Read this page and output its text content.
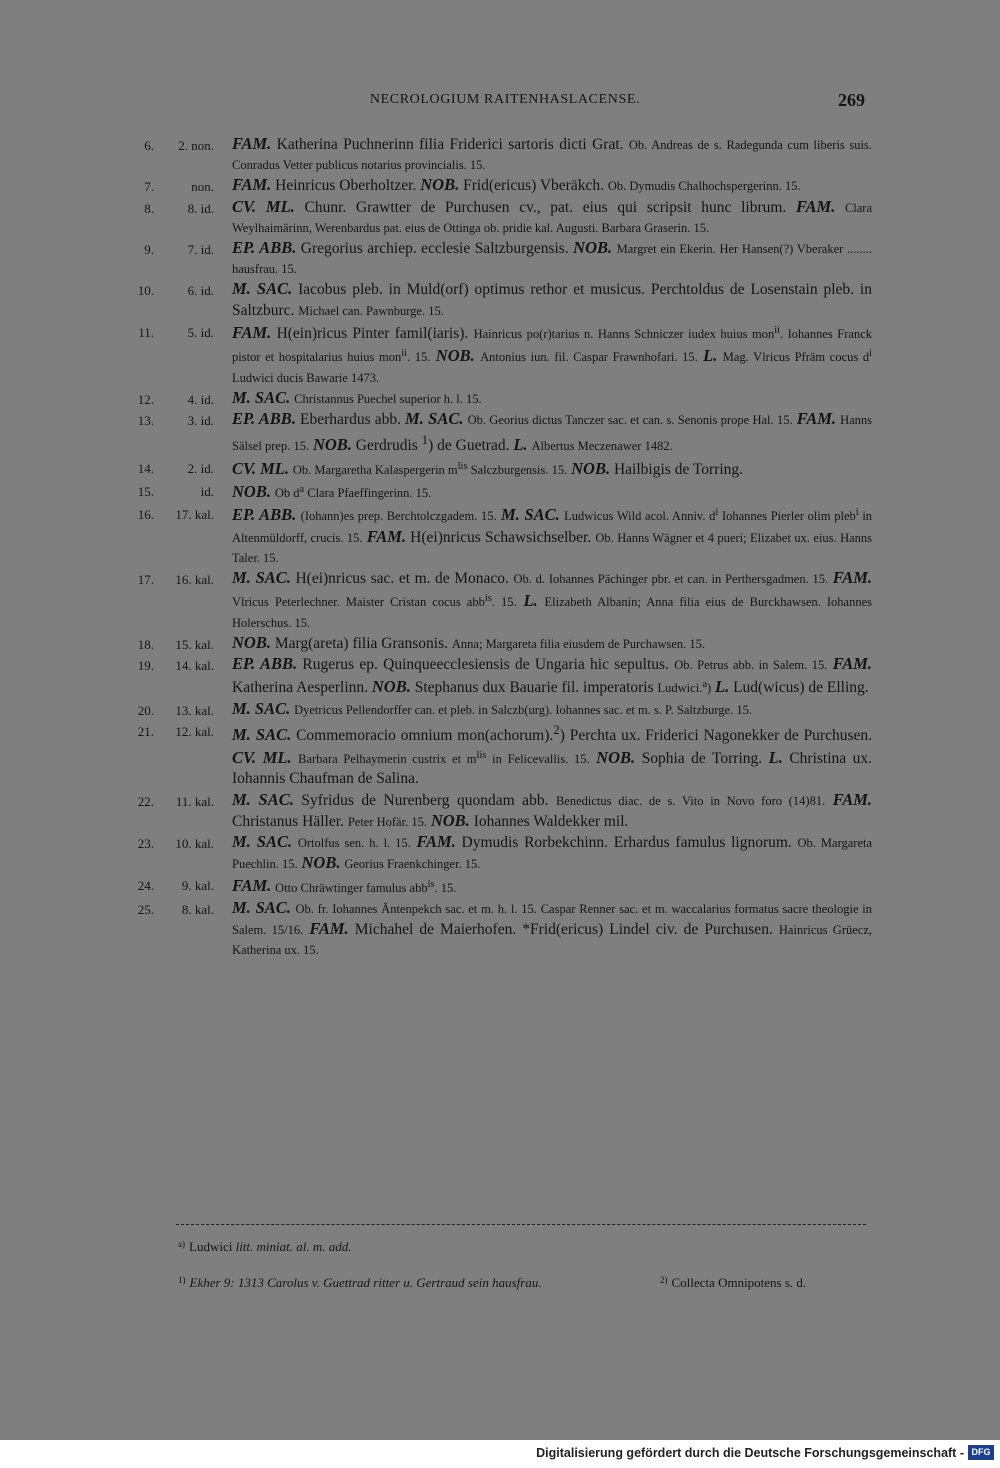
NECROLOGIUM RAITENHASLACENSE.	269
6.	2. non. FAM. Katherina Puchnerinn filia Friderici sartoris dicti Grat. Ob. Andreas de s. Radegunda cum liberis suis. Conradus Vetter publicus notarius provincialis. 15.
7.	non. FAM. Heinricus Oberholtzer. NOB. Frid(ericus) Vberäkch. Ob. Dymudis Chalhochspergerinn. 15.
8.	8. id. CV. ML. Chunr. Grawtter de Purchusen cv., pat. eius qui scripsit hunc librum. FAM. Clara Weylhaimärinn, Werenbardus pat. eius de Ottinga ob. pridie kal. Augusti. Barbara Graserin. 15.
9.	7. id. EP. ABB. Gregorius archiep. ecclesie Saltzburgensis. NOB. Margret ein Ekerin. Her Hansen(?) Vberaker ........ hausfrau. 15.
10.	6. id. M. SAC. Iacobus pleb. in Muld(orf) optimus rethor et musicus. Perchtoldus de Losenstain pleb. in Saltzburc. Michael can. Pawnburge. 15.
11.	5. id. FAM. H(ein)ricus Pinter famil(iaris). Hainricus po(r)tarius n. Hanns Schniczer iudex huius mon$^{ii}$. Iohannes Franck pistor et hospitalarius huius mon$^{ii}$. 15. NOB. Antonius iun. fil. Caspar Frawnhofari. 15. L. Mag. Vlricus Pfräm cocus $d^i$ Ludwici ducis Bawarie 1473.
12.	4. id. M. SAC. Christannus Puechel superior h. l. 15.
13.	3. id. EP. ABB. Eberhardus abb. M. SAC. Ob. Georius dictus Tanczer sac. et can. s. Senonis prope Hal. 15. FAM. Hanns Sälsel prep. 15. NOB. Gerdrudis $^1$) de Guetrad. L. Albertus Meczenawer 1482.
14.	2. id. CV. ML. Ob. Margaretha Kalaspergerin $m^{lis}$ Salczburgensis. 15. NOB. Hailbigis de Torring.
15.	id. NOB. Ob $d^a$ Clara Pfaeffingerinn. 15.
16.	17. kal. EP. ABB. (Iohann)es prep. Berchtolczgadem. 15. M. SAC. Ludwicus Wild acol. Anniv. $d^i$ Iohannes Pierler olim pleb$^i$ in Altenmüldorff, crucis. 15. FAM. H(ei)nricus Schawsichselber. Ob. Hanns Wägner et 4 pueri; Elizabet ux. eius. Hanns Taler. 15.
17.	16. kal. M. SAC. H(ei)nricus sac. et m. de Monaco. Ob. d. Iohannes Pächinger pbr. et can. in Perthersgadmen. 15. FAM. Vlricus Peterlechner. Maister Cristan cocus abb$^{is}$. 15. L. Elizabeth Albanin; Anna filia eius de Burckhawsen. Iohannes Holerschus. 15.
18.	15. kal. NOB. Marg(areta) filia Gransonis. Anna; Margareta filia eiusdem de Purchawsen. 15.
19.	14. kal. EP. ABB. Rugerus ep. Quinqueecclesiensis de Ungaria hic sepultus. Ob. Petrus abb. in Salem. 15. FAM. Katherina Aesperlinn. NOB. Stephanus dux Bauarie fil. imperatoris Ludwici.$^a$) L. Lud(wicus) de Elling.
20.	13. kal. M. SAC. Dyetricus Pellendorffer can. et pleb. in Salczb(urg). Iohannes sac. et m. s. P. Saltzburge. 15.
21.	12. kal. M. SAC. Commemoracio omnium mon(achorum).$^2$) Perchta ux. Friderici Nagonekker de Purchusen. CV. ML. Barbara Pelhaymerin custrix et $m^{lis}$ in Felicevallis. 15. NOB. Sophia de Torring. L. Christina ux. Iohannis Chaufman de Salina.
22.	11. kal. M. SAC. Syfridus de Nurenberg quondam abb. Benedictus diac. de s. Vito in Novo foro (14)81. FAM. Christanus Häller. Peter Hofär. 15. NOB. Iohannes Waldekker mil.
23.	10. kal. M. SAC. Ortolfus sen. h. l. 15. FAM. Dymudis Rorbekchinn. Erhardus famulus lignorum. Ob. Margareta Puechlin. 15. NOB. Georius Fraenkchinger. 15.
24.	9. kal. FAM. Otto Chräwtinger famulus abb$^{is}$. 15.
25.	8. kal. M. SAC. Ob. fr. Iohannes Äntenpekch sac. et m. h. l. 15. Caspar Renner sac. et m. waccalarius formatus sacre theologie in Salem. 15/16. FAM. Michahel de Maierhofen. *Frid(ericus) Lindel civ. de Purchusen. Hainricus Grüecz, Katherina ux. 15.
$^{a)}$ Ludwici litt. miniat. al. m. add.
$^{1)}$ Ekher 9: 1313 Carolus v. Guettrad ritter u. Gertraud sein hausfrau.	$^{2)}$ Collecta Omnipotens s. d.
Digitalisierung gefördert durch die Deutsche Forschungsgemeinschaft - DFG
